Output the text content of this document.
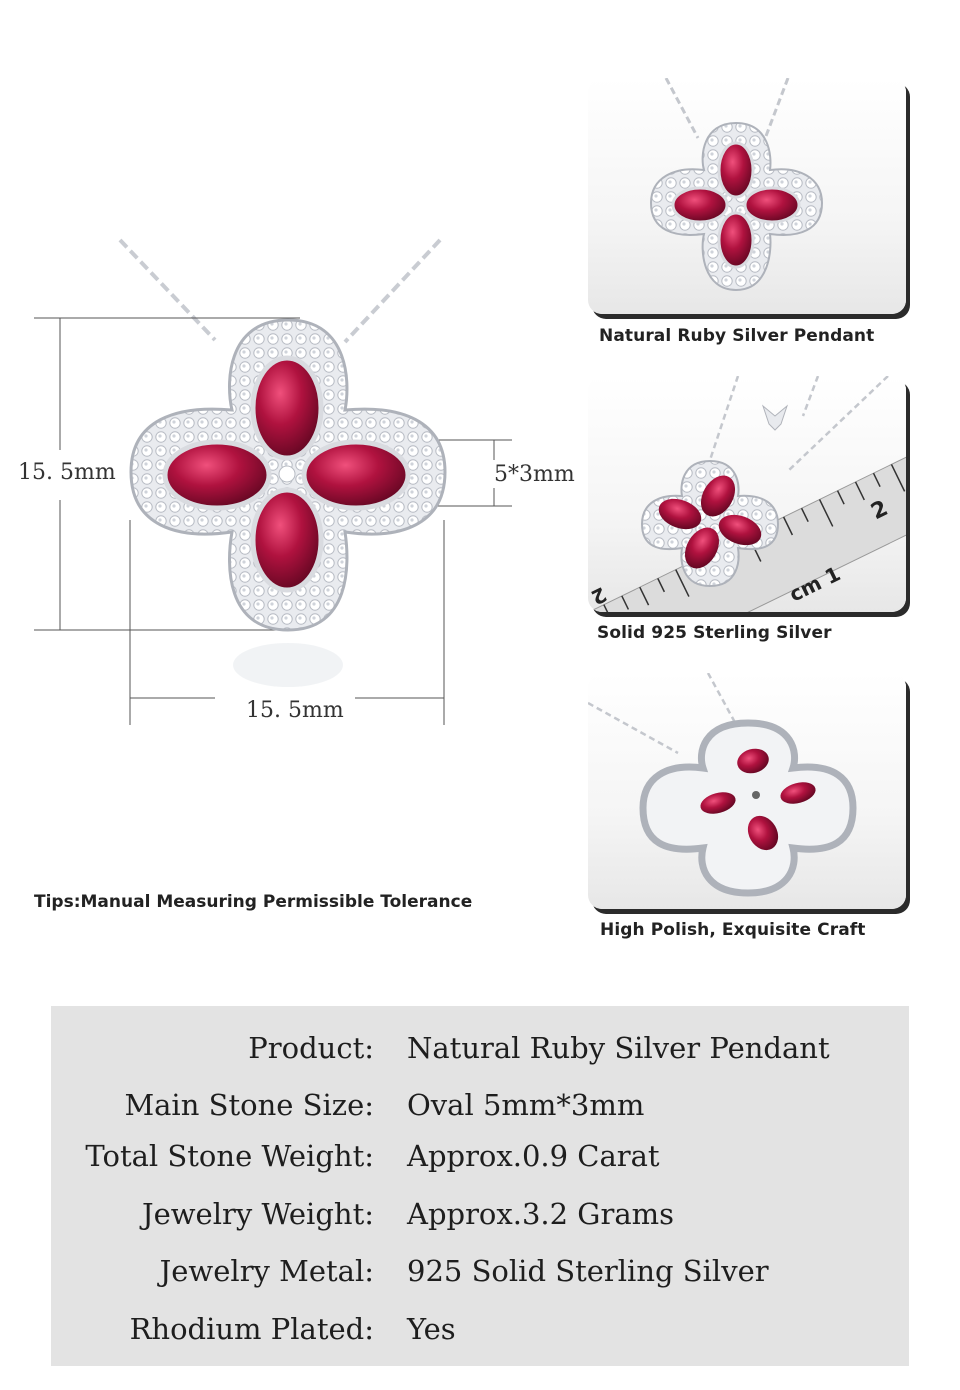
15. 5mm
15. 5mm
5*3mm
Natural Ruby Silver Pendant
2
cm 1
2
Solid 925 Sterling Silver
High Polish, Exquisite Craft
Tips:Manual Measuring Permissible Tolerance
Product: Natural Ruby Silver Pendant
Main Stone Size: Oval 5mm*3mm
Total Stone Weight: Approx.0.9 Carat
Jewelry Weight: Approx.3.2 Grams
Jewelry Metal: 925 Solid Sterling Silver
Rhodium Plated: Yes
